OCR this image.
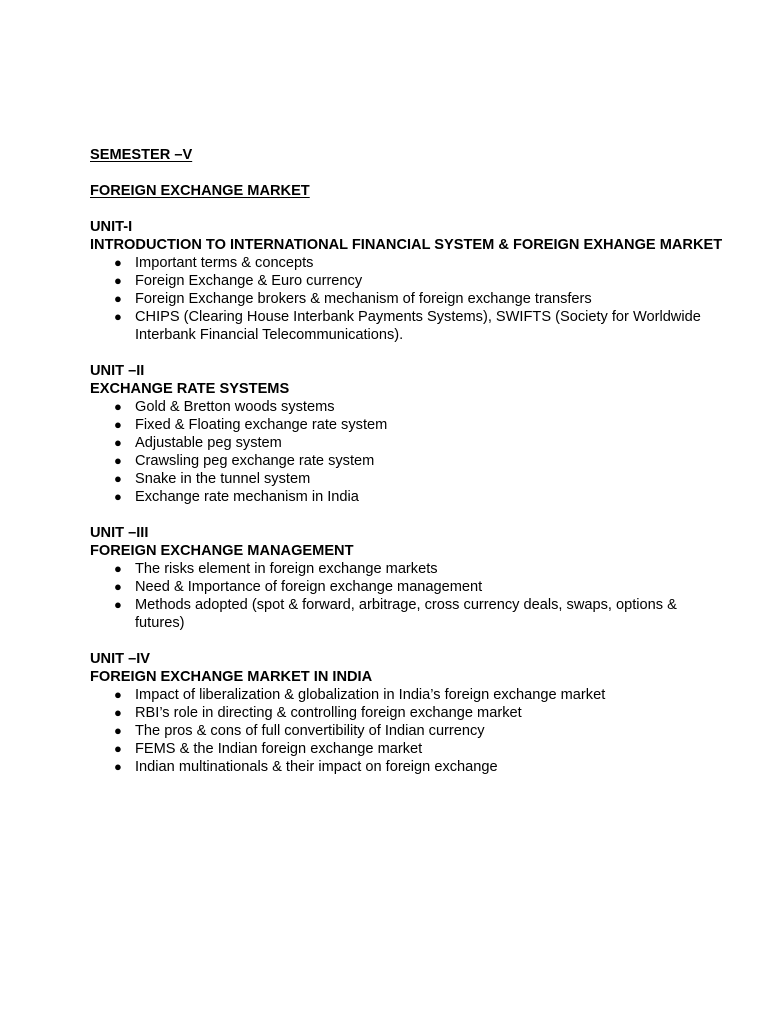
SEMESTER –V
FOREIGN EXCHANGE MARKET
UNIT-I
INTRODUCTION TO INTERNATIONAL FINANCIAL SYSTEM & FOREIGN EXHANGE MARKET
● Important terms & concepts
● Foreign Exchange & Euro currency
● Foreign Exchange brokers & mechanism of foreign exchange transfers
● CHIPS (Clearing House Interbank Payments Systems), SWIFTS (Society for Worldwide Interbank Financial Telecommunications).
UNIT –II
EXCHANGE RATE SYSTEMS
● Gold & Bretton woods systems
● Fixed & Floating exchange rate system
● Adjustable peg system
● Crawsling peg exchange rate system
● Snake in the tunnel system
● Exchange rate mechanism in India
UNIT –III
FOREIGN EXCHANGE MANAGEMENT
● The risks element in foreign exchange markets
● Need & Importance of foreign exchange management
● Methods adopted (spot & forward, arbitrage, cross currency deals, swaps, options & futures)
UNIT –IV
FOREIGN EXCHANGE MARKET IN INDIA
● Impact of liberalization & globalization in India’s foreign exchange market
● RBI’s role in directing & controlling foreign exchange market
● The pros & cons of full convertibility of Indian currency
● FEMS & the Indian foreign exchange market
● Indian multinationals & their impact on foreign exchange
